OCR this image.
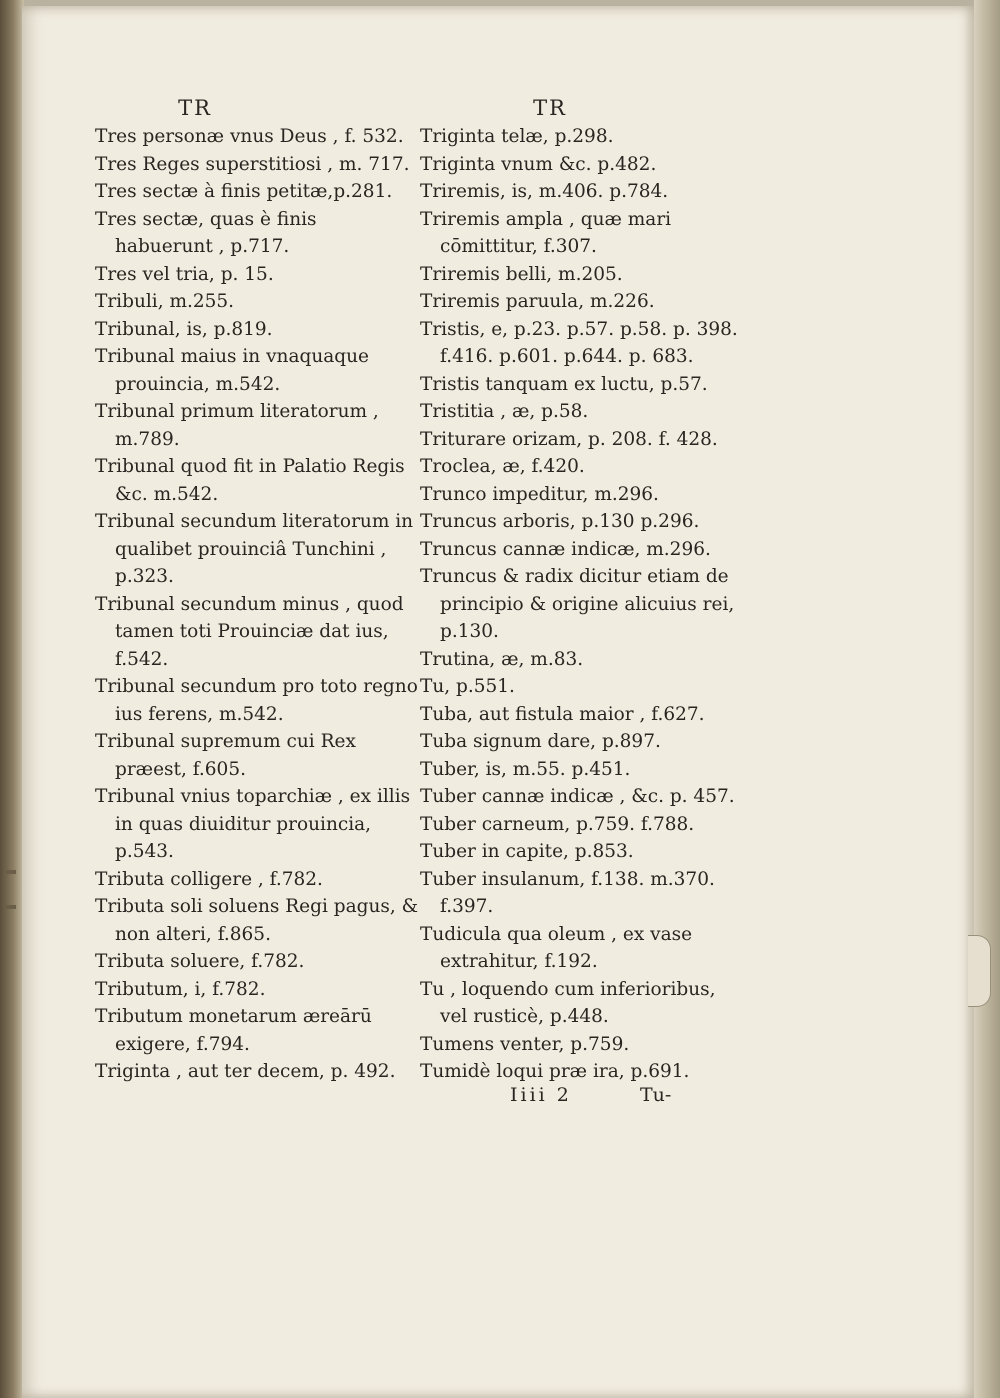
TR
Tres personæ vnus Deus , f. 532.
Tres Reges superstitiosi , m. 717.
Tres sectæ à finis petitæ,p.281.
Tres sectæ, quas è finis habuerunt , p.717.
Tres vel tria, p. 15.
Tribuli, m.255.
Tribunal, is, p.819.
Tribunal maius in vnaquaque prouincia, m.542.
Tribunal primum literatorum , m.789.
Tribunal quod fit in Palatio Regis &c. m.542.
Tribunal secundum literatorum in qualibet prouinciâ Tunchini , p.323.
Tribunal secundum minus , quod tamen toti Prouinciæ dat ius, f.542.
Tribunal secundum pro toto regno ius ferens, m.542.
Tribunal supremum cui Rex præest, f.605.
Tribunal vnius toparchiæ , ex illis in quas diuiditur prouincia, p.543.
Tributa colligere , f.782.
Tributa soli soluens Regi pagus, & non alteri, f.865.
Tributa soluere, f.782.
Tributum, i, f.782.
Tributum monetarum æreārū exigere, f.794.
Triginta , aut ter decem, p. 492.
TR
Triginta telæ, p.298.
Triginta vnum &c. p.482.
Triremis, is, m.406. p.784.
Triremis ampla , quæ mari cōmittitur, f.307.
Triremis belli, m.205.
Triremis paruula, m.226.
Tristis, e, p.23. p.57. p.58. p. 398. f.416. p.601. p.644. p. 683.
Tristis tanquam ex luctu, p.57.
Tristitia , æ, p.58.
Triturare orizam, p. 208. f. 428.
Troclea, æ, f.420.
Trunco impeditur, m.296.
Truncus arboris, p.130 p.296.
Truncus cannæ indicæ, m.296.
Truncus & radix dicitur etiam de principio & origine alicuius rei, p.130.
Trutina, æ, m.83.
Tu, p.551.
Tuba, aut fistula maior , f.627.
Tuba signum dare, p.897.
Tuber, is, m.55. p.451.
Tuber cannæ indicæ , &c. p. 457.
Tuber carneum, p.759. f.788.
Tuber in capite, p.853.
Tuber insulanum, f.138. m.370. f.397.
Tudicula qua oleum , ex vase extrahitur, f.192.
Tu , loquendo cum inferioribus, vel rusticè, p.448.
Tumens venter, p.759.
Tumidè loqui præ ira, p.691.
Iiii 2	Tu-
